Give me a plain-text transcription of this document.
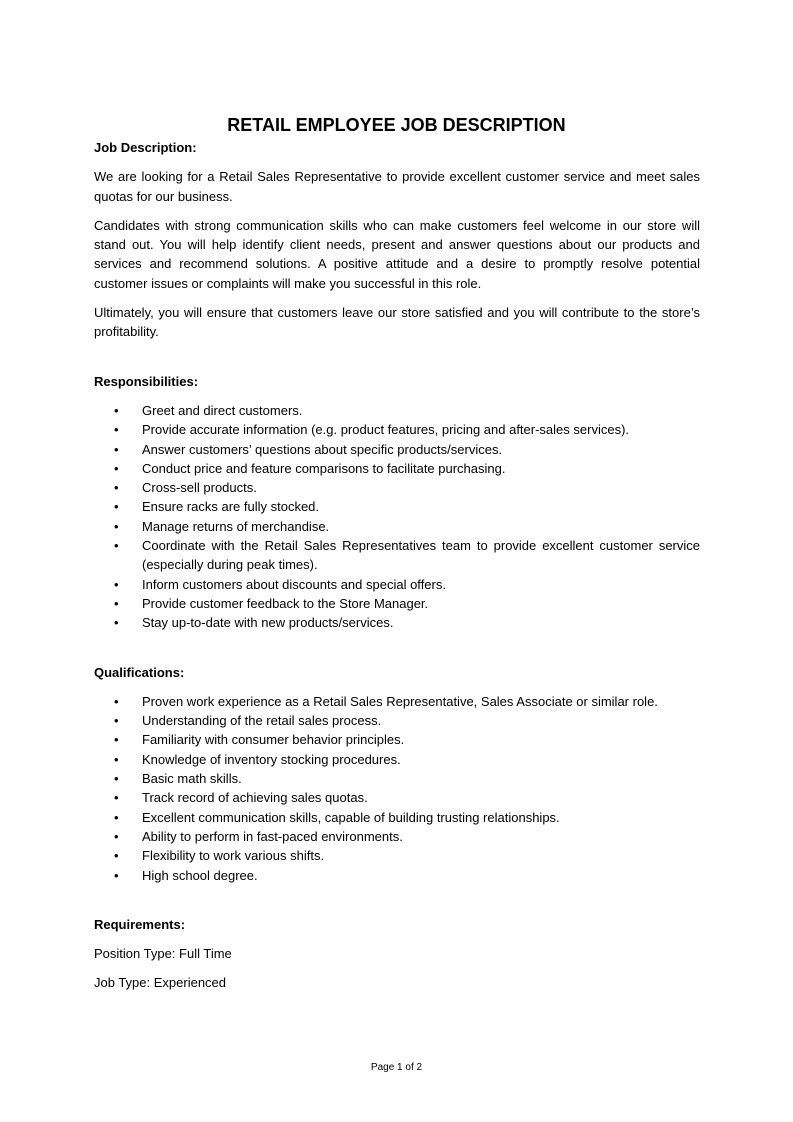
RETAIL EMPLOYEE JOB DESCRIPTION
Job Description:

We are looking for a Retail Sales Representative to provide excellent customer service and meet sales quotas for our business.

Candidates with strong communication skills who can make customers feel welcome in our store will stand out. You will help identify client needs, present and answer questions about our products and services and recommend solutions. A positive attitude and a desire to promptly resolve potential customer issues or complaints will make you successful in this role.

Ultimately, you will ensure that customers leave our store satisfied and you will contribute to the store’s profitability.

Responsibilities:
• Greet and direct customers.
• Provide accurate information (e.g. product features, pricing and after-sales services).
• Answer customers’ questions about specific products/services.
• Conduct price and feature comparisons to facilitate purchasing.
• Cross-sell products.
• Ensure racks are fully stocked.
• Manage returns of merchandise.
• Coordinate with the Retail Sales Representatives team to provide excellent customer service (especially during peak times).
• Inform customers about discounts and special offers.
• Provide customer feedback to the Store Manager.
• Stay up-to-date with new products/services.
Qualifications:
• Proven work experience as a Retail Sales Representative, Sales Associate or similar role.
• Understanding of the retail sales process.
• Familiarity with consumer behavior principles.
• Knowledge of inventory stocking procedures.
• Basic math skills.
• Track record of achieving sales quotas.
• Excellent communication skills, capable of building trusting relationships.
• Ability to perform in fast-paced environments.
• Flexibility to work various shifts.
• High school degree.
Requirements:

Position Type: Full Time

Job Type: Experienced

Page 1 of 2
